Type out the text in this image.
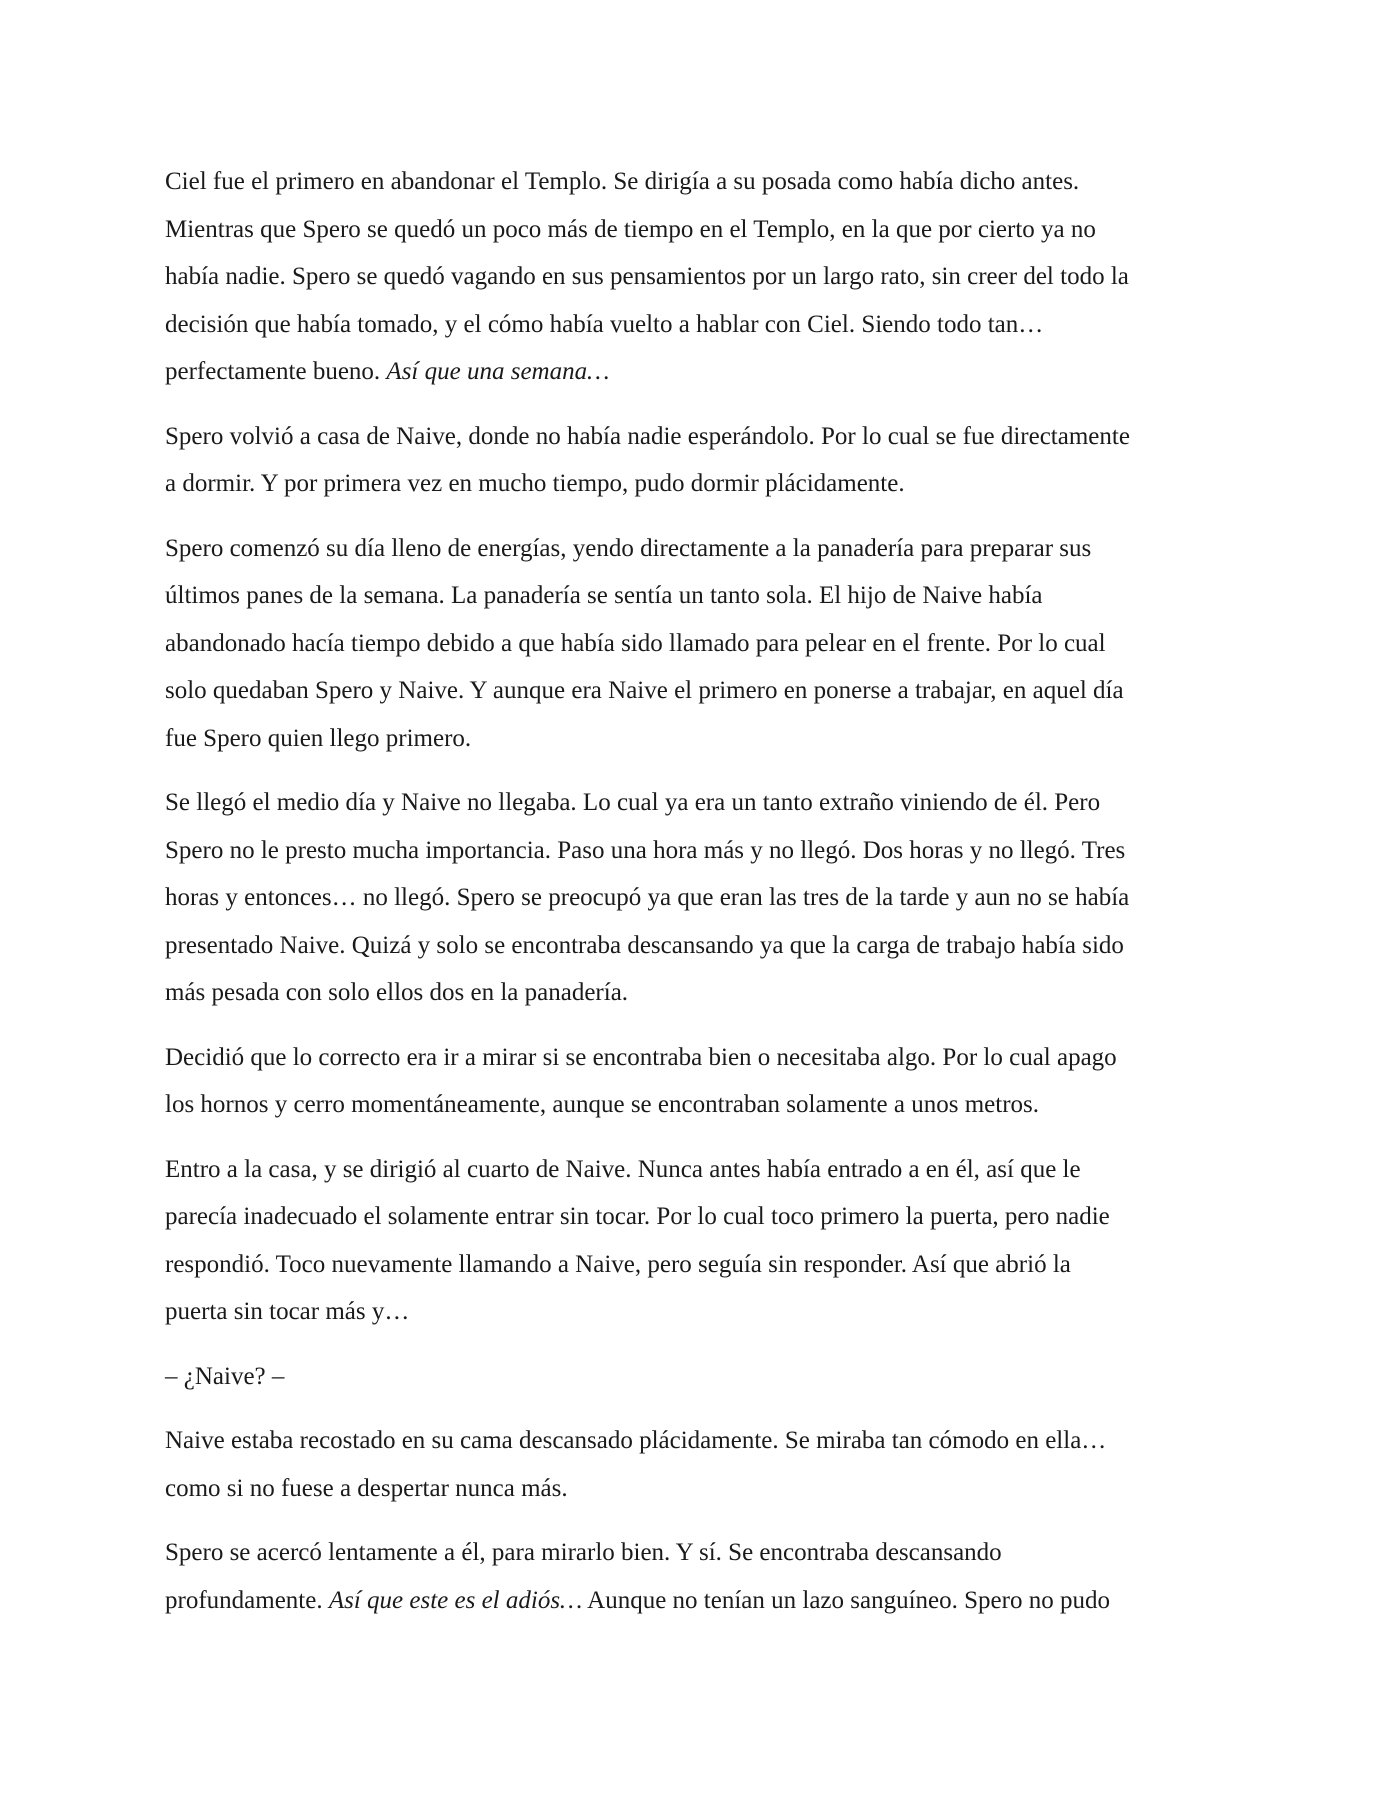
Ciel fue el primero en abandonar el Templo. Se dirigía a su posada como había dicho antes.
Mientras que Spero se quedó un poco más de tiempo en el Templo, en la que por cierto ya no
había nadie. Spero se quedó vagando en sus pensamientos por un largo rato, sin creer del todo la
decisión que había tomado, y el cómo había vuelto a hablar con Ciel. Siendo todo tan…
perfectamente bueno. Así que una semana…

Spero volvió a casa de Naive, donde no había nadie esperándolo. Por lo cual se fue directamente
a dormir. Y por primera vez en mucho tiempo, pudo dormir plácidamente.

Spero comenzó su día lleno de energías, yendo directamente a la panadería para preparar sus
últimos panes de la semana. La panadería se sentía un tanto sola. El hijo de Naive había
abandonado hacía tiempo debido a que había sido llamado para pelear en el frente. Por lo cual
solo quedaban Spero y Naive. Y aunque era Naive el primero en ponerse a trabajar, en aquel día
fue Spero quien llego primero.

Se llegó el medio día y Naive no llegaba. Lo cual ya era un tanto extraño viniendo de él. Pero
Spero no le presto mucha importancia. Paso una hora más y no llegó. Dos horas y no llegó. Tres
horas y entonces… no llegó. Spero se preocupó ya que eran las tres de la tarde y aun no se había
presentado Naive. Quizá y solo se encontraba descansando ya que la carga de trabajo había sido
más pesada con solo ellos dos en la panadería.

Decidió que lo correcto era ir a mirar si se encontraba bien o necesitaba algo. Por lo cual apago
los hornos y cerro momentáneamente, aunque se encontraban solamente a unos metros.

Entro a la casa, y se dirigió al cuarto de Naive. Nunca antes había entrado a en él, así que le
parecía inadecuado el solamente entrar sin tocar. Por lo cual toco primero la puerta, pero nadie
respondió. Toco nuevamente llamando a Naive, pero seguía sin responder. Así que abrió la
puerta sin tocar más y…

– ¿Naive? –

Naive estaba recostado en su cama descansado plácidamente. Se miraba tan cómodo en ella…
como si no fuese a despertar nunca más.

Spero se acercó lentamente a él, para mirarlo bien. Y sí. Se encontraba descansando
profundamente. Así que este es el adiós… Aunque no tenían un lazo sanguíneo. Spero no pudo
